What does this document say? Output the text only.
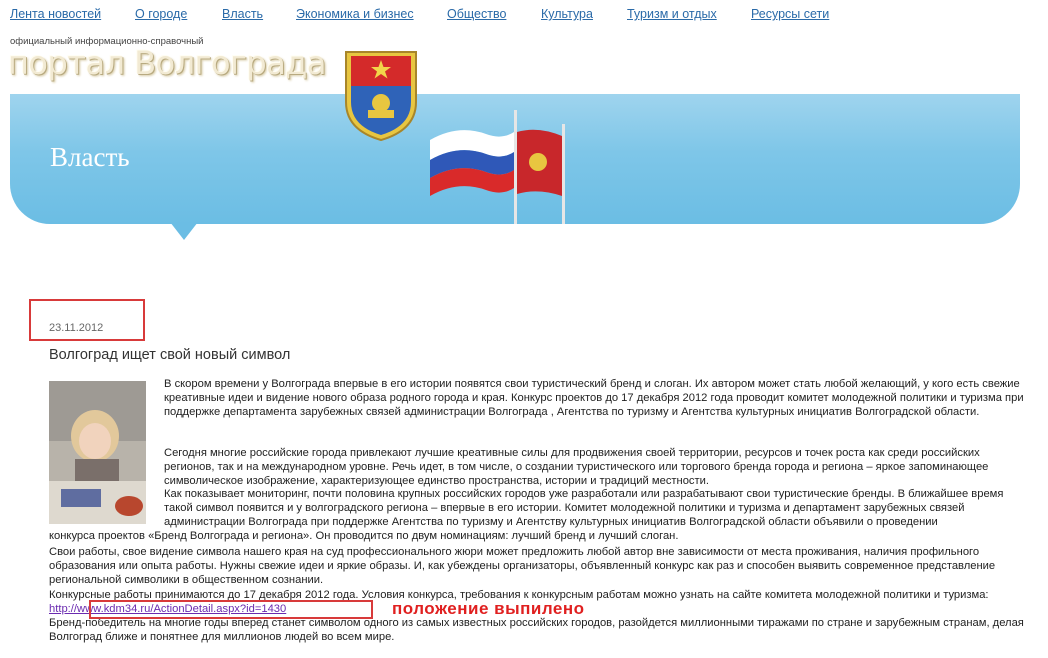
Лента новостей	О городе	Власть	Экономика и бизнес	Общество	Культура	Туризм и отдых	Ресурсы сети
официальный информационно-справочный
портал Волгограда
Власть
23.11.2012
Волгоград ищет свой новый символ
В скором времени у Волгограда впервые в его истории появятся свои туристический бренд и слоган. Их автором может стать любой желающий, у кого есть свежие креативные идеи и видение нового образа родного города и края. Конкурс проектов до 17 декабря 2012 года проводит комитет молодежной политики и туризма при поддержке департамента зарубежных связей администрации Волгограда , Агентства по туризму и Агентства культурных инициатив Волгоградской области.
Сегодня многие российские города привлекают лучшие креативные силы для продвижения своей территории, ресурсов и точек роста как среди российских регионов, так и на международном уровне. Речь идет, в том числе, о создании туристического или торгового бренда города и региона – яркое запоминающее символическое изображение, характеризующее единство пространства, истории и традиций местности.
Как показывает мониторинг, почти половина крупных российских городов уже разработали или разрабатывают свои туристические бренды. В ближайшее время такой символ появится и у волгоградского региона – впервые в его истории. Комитет молодежной политики и туризма и департамент зарубежных связей администрации Волгограда при поддержке Агентства по туризму и Агентству культурных инициатив Волгоградской области объявили о проведении
конкурса проектов «Бренд Волгограда и региона». Он проводится по двум номинациям: лучший бренд и лучший слоган.
Свои работы, свое видение символа нашего края на суд профессионального жюри может предложить любой автор вне зависимости от места проживания, наличия профильного образования или опыта работы. Нужны свежие идеи и яркие образы. И, как убеждены организаторы, объявленный конкурс как раз и способен выявить современное представление региональной символики в общественном сознании.
Конкурсные работы принимаются до 17 декабря 2012 года. Условия конкурса, требования к конкурсным работам можно узнать на сайте комитета молодежной политики и туризма: http://www.kdm34.ru/ActionDetail.aspx?id=1430
Бренд-победитель на многие годы вперед станет символом одного из самых известных российских городов, разойдется миллионными тиражами по стране и зарубежным странам, делая Волгоград ближе и понятнее для миллионов людей во всем мире.
положение выпилено
